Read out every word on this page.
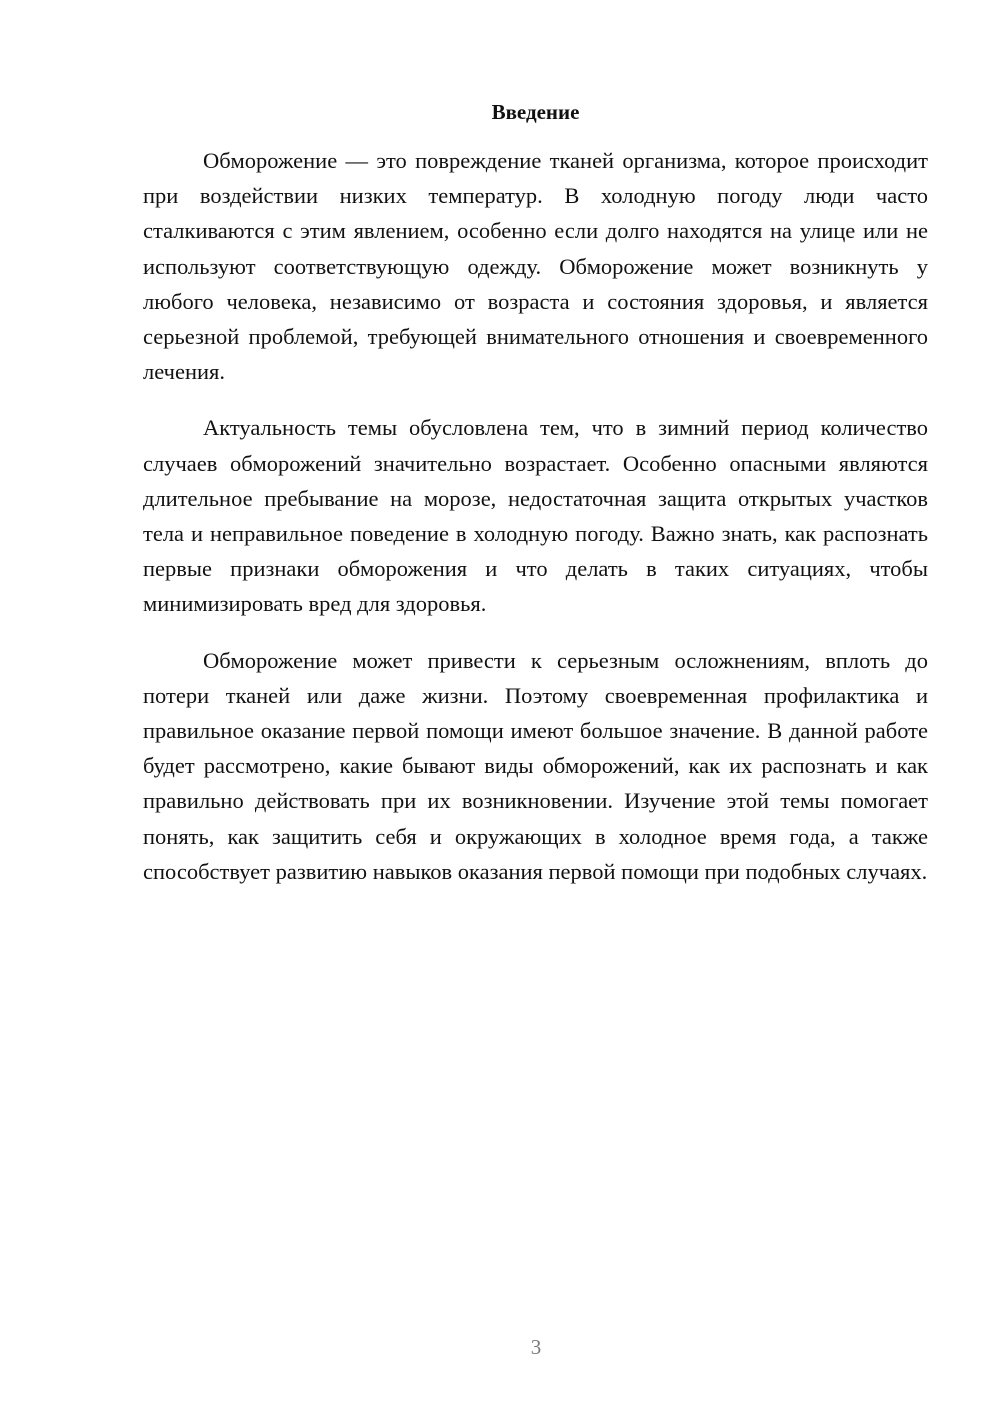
Введение

Обморожение — это повреждение тканей организма, которое происходит при воздействии низких температур. В холодную погоду люди часто сталкиваются с этим явлением, особенно если долго находятся на улице или не используют соответствующую одежду. Обморожение может возникнуть у любого человека, независимо от возраста и состояния здоровья, и является серьезной проблемой, требующей внимательного отношения и своевременного лечения.

Актуальность темы обусловлена тем, что в зимний период количество случаев обморожений значительно возрастает. Особенно опасными являются длительное пребывание на морозе, недостаточная защита открытых участков тела и неправильное поведение в холодную погоду. Важно знать, как распознать первые признаки обморожения и что делать в таких ситуациях, чтобы минимизировать вред для здоровья.

Обморожение может привести к серьезным осложнениям, вплоть до потери тканей или даже жизни. Поэтому своевременная профилактика и правильное оказание первой помощи имеют большое значение. В данной работе будет рассмотрено, какие бывают виды обморожений, как их распознать и как правильно действовать при их возникновении. Изучение этой темы помогает понять, как защитить себя и окружающих в холодное время года, а также способствует развитию навыков оказания первой помощи при подобных случаях.

3
